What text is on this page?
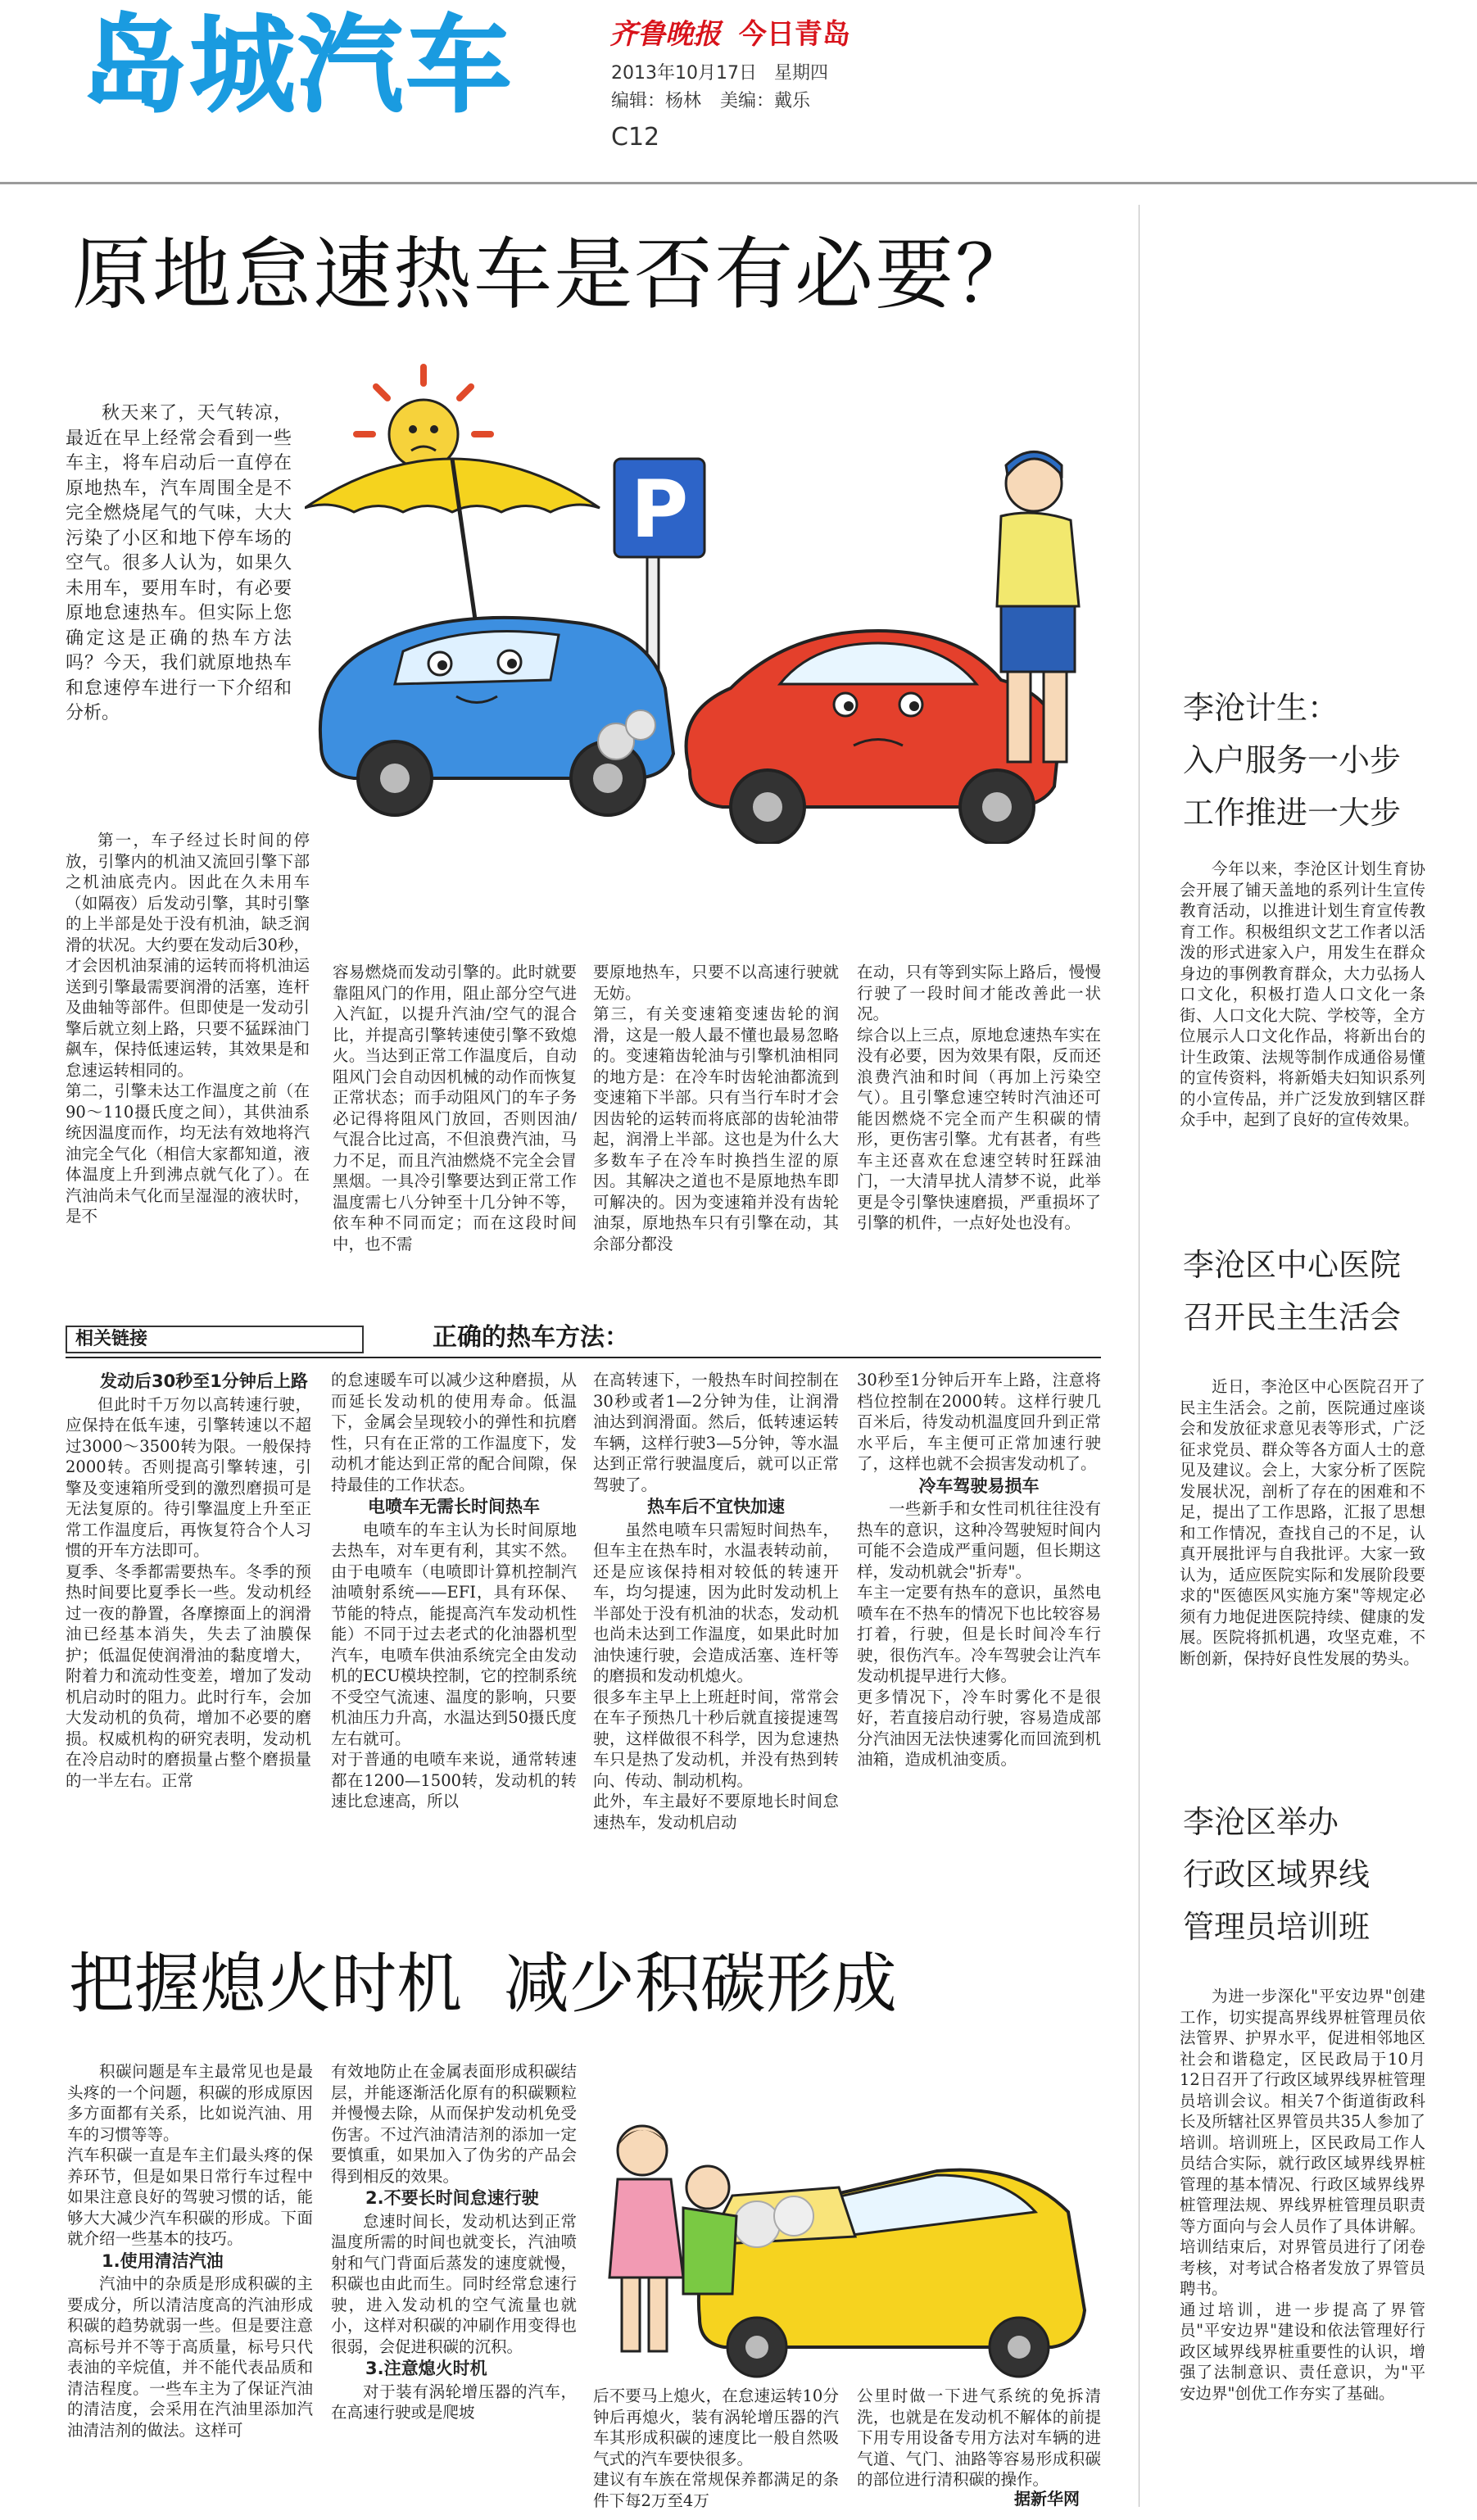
岛城汽车	齐鲁晚报 今日青岛
2013年10月17日 星期四
编辑：杨林 美编：戴乐
C12
原地怠速热车是否有必要？

秋天来了，天气转凉，最近在早上经常会看到一些车主，将车启动后一直停在原地热车，汽车周围全是不完全燃烧尾气的气味，大大污染了小区和地下停车场的空气。很多人认为，如果久未用车，要用车时，有必要原地怠速热车。但实际上您确定这是正确的热车方法吗？今天，我们就原地热车和怠速停车进行一下介绍和分析。

P

第一，车子经过长时间的停放，引擎内的机油又流回引擎下部之机油底壳内。因此在久未用车（如隔夜）后发动引擎，其时引擎的上半部是处于没有机油，缺乏润滑的状况。大约要在发动后30秒，才会因机油泵浦的运转而将机油运送到引擎最需要润滑的活塞，连杆及曲轴等部件。但即使是一发动引擎后就立刻上路，只要不猛踩油门飙车，保持低速运转，其效果是和怠速运转相同的。
第二，引擎未达工作温度之前（在90～110摄氏度之间），其供油系统因温度而作，均无法有效地将汽油完全气化（相信大家都知道，液体温度上升到沸点就气化了）。在汽油尚未气化而呈湿湿的液状时，是不

容易燃烧而发动引擎的。此时就要靠阻风门的作用，阻止部分空气进入汽缸，以提升汽油/空气的混合比，并提高引擎转速使引擎不致熄火。当达到正常工作温度后，自动阻风门会自动因机械的动作而恢复正常状态；而手动阻风门的车子务必记得将阻风门放回，否则因油/气混合比过高，不但浪费汽油，马力不足，而且汽油燃烧不完全会冒黑烟。一具冷引擎要达到正常工作温度需七八分钟至十几分钟不等，依车种不同而定；而在这段时间中，也不需

要原地热车，只要不以高速行驶就无妨。
第三，有关变速箱变速齿轮的润滑，这是一般人最不懂也最易忽略的。变速箱齿轮油与引擎机油相同的地方是：在冷车时齿轮油都流到变速箱下半部。只有当行车时才会因齿轮的运转而将底部的齿轮油带起，润滑上半部。这也是为什么大多数车子在冷车时换挡生涩的原因。其解决之道也不是原地热车即可解决的。因为变速箱并没有齿轮油泵，原地热车只有引擎在动，其余部分都没

在动，只有等到实际上路后，慢慢行驶了一段时间才能改善此一状况。
综合以上三点，原地怠速热车实在没有必要，因为效果有限，反而还浪费汽油和时间（再加上污染空气）。且引擎怠速空转时汽油还可能因燃烧不完全而产生积碳的情形，更伤害引擎。尤有甚者，有些车主还喜欢在怠速空转时狂踩油门，一大清早扰人清梦不说，此举更是令引擎快速磨损，严重损坏了引擎的机件，一点好处也没有。

相关链接	正确的热车方法：
发动后30秒至1分钟后上路

但此时千万勿以高转速行驶，应保持在低车速，引擎转速以不超过3000～3500转为限。一般保持2000转。否则提高引擎转速，引擎及变速箱所受到的激烈磨损可是无法复原的。待引擎温度上升至正常工作温度后，再恢复符合个人习惯的开车方法即可。
夏季、冬季都需要热车。冬季的预热时间要比夏季长一些。发动机经过一夜的静置，各摩擦面上的润滑油已经基本消失，失去了油膜保护；低温促使润滑油的黏度增大，附着力和流动性变差，增加了发动机启动时的阻力。此时行车，会加大发动机的负荷，增加不必要的磨损。权威机构的研究表明，发动机在冷启动时的磨损量占整个磨损量的一半左右。正常

的怠速暖车可以减少这种磨损，从而延长发动机的使用寿命。低温下，金属会呈现较小的弹性和抗磨性，只有在正常的工作温度下，发动机才能达到正常的配合间隙，保持最佳的工作状态。

电喷车无需长时间热车

电喷车的车主认为长时间原地去热车，对车更有利，其实不然。由于电喷车（电喷即计算机控制汽油喷射系统——EFI，具有环保、节能的特点，能提高汽车发动机性能）不同于过去老式的化油器机型汽车，电喷车供油系统完全由发动机的ECU模块控制，它的控制系统不受空气流速、温度的影响，只要机油压力升高，水温达到50摄氏度左右就可。
对于普通的电喷车来说，通常转速都在1200—1500转，发动机的转速比怠速高，所以

在高转速下，一般热车时间控制在30秒或者1—2分钟为佳，让润滑油达到润滑面。然后，低转速运转车辆，这样行驶3—5分钟，等水温达到正常行驶温度后，就可以正常驾驶了。

热车后不宜快加速

虽然电喷车只需短时间热车，但车主在热车时，水温表转动前，还是应该保持相对较低的转速开车，均匀提速，因为此时发动机上半部处于没有机油的状态，发动机也尚未达到工作温度，如果此时加油快速行驶，会造成活塞、连杆等的磨损和发动机熄火。
很多车主早上上班赶时间，常常会在车子预热几十秒后就直接提速驾驶，这样做很不科学，因为怠速热车只是热了发动机，并没有热到转向、传动、制动机构。
此外，车主最好不要原地长时间怠速热车，发动机启动

30秒至1分钟后开车上路，注意将档位控制在2000转。这样行驶几百米后，待发动机温度回升到正常水平后，车主便可正常加速行驶了，这样也就不会损害发动机了。

冷车驾驶易损车

一些新手和女性司机往往没有热车的意识，这种冷驾驶短时间内可能不会造成严重问题，但长期这样，发动机就会"折寿"。
车主一定要有热车的意识，虽然电喷车在不热车的情况下也比较容易打着，行驶，但是长时间冷车行驶，很伤汽车。冷车驾驶会让汽车发动机提早进行大修。
更多情况下，冷车时雾化不是很好，若直接启动行驶，容易造成部分汽油因无法快速雾化而回流到机油箱，造成机油变质。

把握熄火时机  减少积碳形成

积碳问题是车主最常见也是最头疼的一个问题，积碳的形成原因多方面都有关系，比如说汽油、用车的习惯等等。
汽车积碳一直是车主们最头疼的保养环节，但是如果日常行车过程中如果注意良好的驾驶习惯的话，能够大大减少汽车积碳的形成。下面就介绍一些基本的技巧。

1.使用清洁汽油

汽油中的杂质是形成积碳的主要成分，所以清洁度高的汽油形成积碳的趋势就弱一些。但是要注意高标号并不等于高质量，标号只代表油的辛烷值，并不能代表品质和清洁程度。一些车主为了保证汽油的清洁度，会采用在汽油里添加汽油清洁剂的做法。这样可

有效地防止在金属表面形成积碳结层，并能逐渐活化原有的积碳颗粒并慢慢去除，从而保护发动机免受伤害。不过汽油清洁剂的添加一定要慎重，如果加入了伪劣的产品会得到相反的效果。

2.不要长时间怠速行驶

怠速时间长，发动机达到正常温度所需的时间也就变长，汽油喷射和气门背面后蒸发的速度就慢，积碳也由此而生。同时经常怠速行驶，进入发动机的空气流量也就小，这样对积碳的冲刷作用变得也很弱，会促进积碳的沉积。

3.注意熄火时机

对于装有涡轮增压器的汽车，在高速行驶或是爬坡

后不要马上熄火，在怠速运转10分钟后再熄火，装有涡轮增压器的汽车其形成积碳的速度比一般自然吸气式的汽车要快很多。
建议有车族在常规保养都满足的条件下每2万至4万

公里时做一下进气系统的免拆清洗，也就是在发动机不解体的前提下用专用设备专用方法对车辆的进气道、气门、油路等容易形成积碳的部位进行清积碳的操作。

据新华网
李沧计生：
入户服务一小步
工作推进一大步

今年以来，李沧区计划生育协会开展了铺天盖地的系列计生宣传教育活动，以推进计划生育宣传教育工作。积极组织文艺工作者以活泼的形式进家入户，用发生在群众身边的事例教育群众，大力弘扬人口文化，积极打造人口文化一条街、人口文化大院、学校等，全方位展示人口文化作品，将新出台的计生政策、法规等制作成通俗易懂的宣传资料，将新婚夫妇知识系列的小宣传品，并广泛发放到辖区群众手中，起到了良好的宣传效果。

李沧区中心医院
召开民主生活会

近日，李沧区中心医院召开了民主生活会。之前，医院通过座谈会和发放征求意见表等形式，广泛征求党员、群众等各方面人士的意见及建议。会上，大家分析了医院发展状况，剖析了存在的困难和不足，提出了工作思路，汇报了思想和工作情况，查找自己的不足，认真开展批评与自我批评。大家一致认为，适应医院实际和发展阶段要求的"医德医风实施方案"等规定必须有力地促进医院持续、健康的发展。医院将抓机遇，攻坚克难，不断创新，保持好良性发展的势头。

李沧区举办
行政区域界线
管理员培训班

为进一步深化"平安边界"创建工作，切实提高界线界桩管理员依法管界、护界水平，促进相邻地区社会和谐稳定，区民政局于10月12日召开了行政区域界线界桩管理员培训会议。相关7个街道街政科长及所辖社区界管员共35人参加了培训。培训班上，区民政局工作人员结合实际，就行政区域界线界桩管理的基本情况、行政区域界线界桩管理法规、界线界桩管理员职责等方面向与会人员作了具体讲解。培训结束后，对界管员进行了闭卷考核，对考试合格者发放了界管员聘书。
通过培训，进一步提高了界管员"平安边界"建设和依法管理好行政区域界线界桩重要性的认识，增强了法制意识、责任意识，为"平安边界"创优工作夯实了基础。
